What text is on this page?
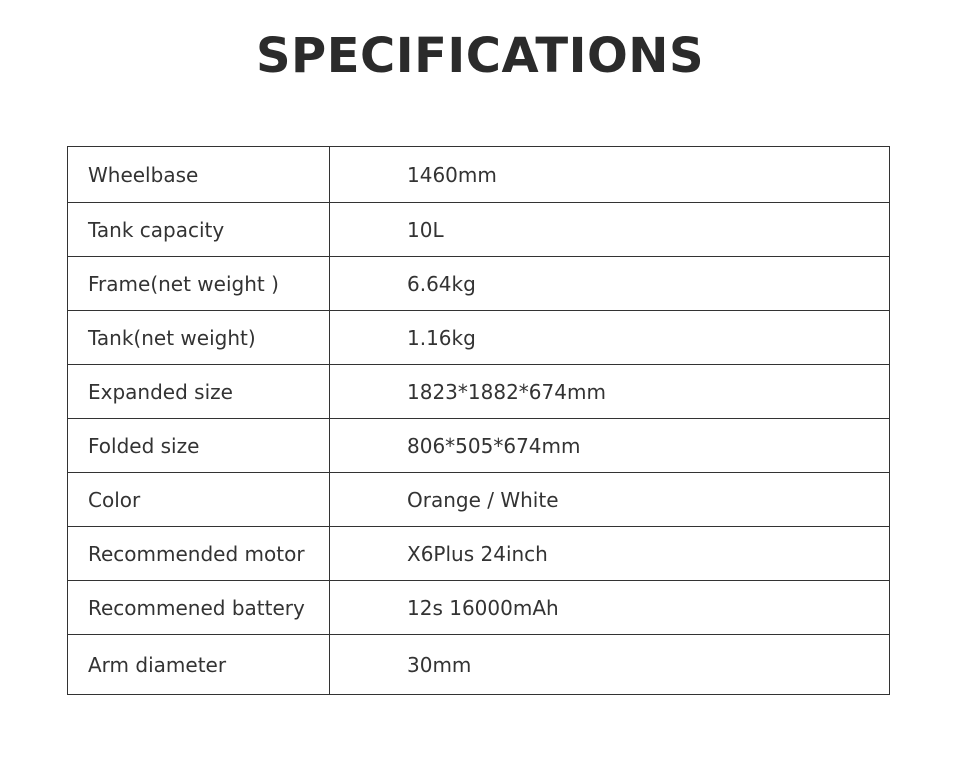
SPECIFICATIONS
Wheelbase	1460mm
Tank capacity	10L
Frame(net weight )	6.64kg
Tank(net weight)	1.16kg
Expanded size	1823*1882*674mm
Folded size	806*505*674mm
Color	Orange / White
Recommended motor	X6Plus 24inch
Recommened battery	12s 16000mAh
Arm diameter	30mm
